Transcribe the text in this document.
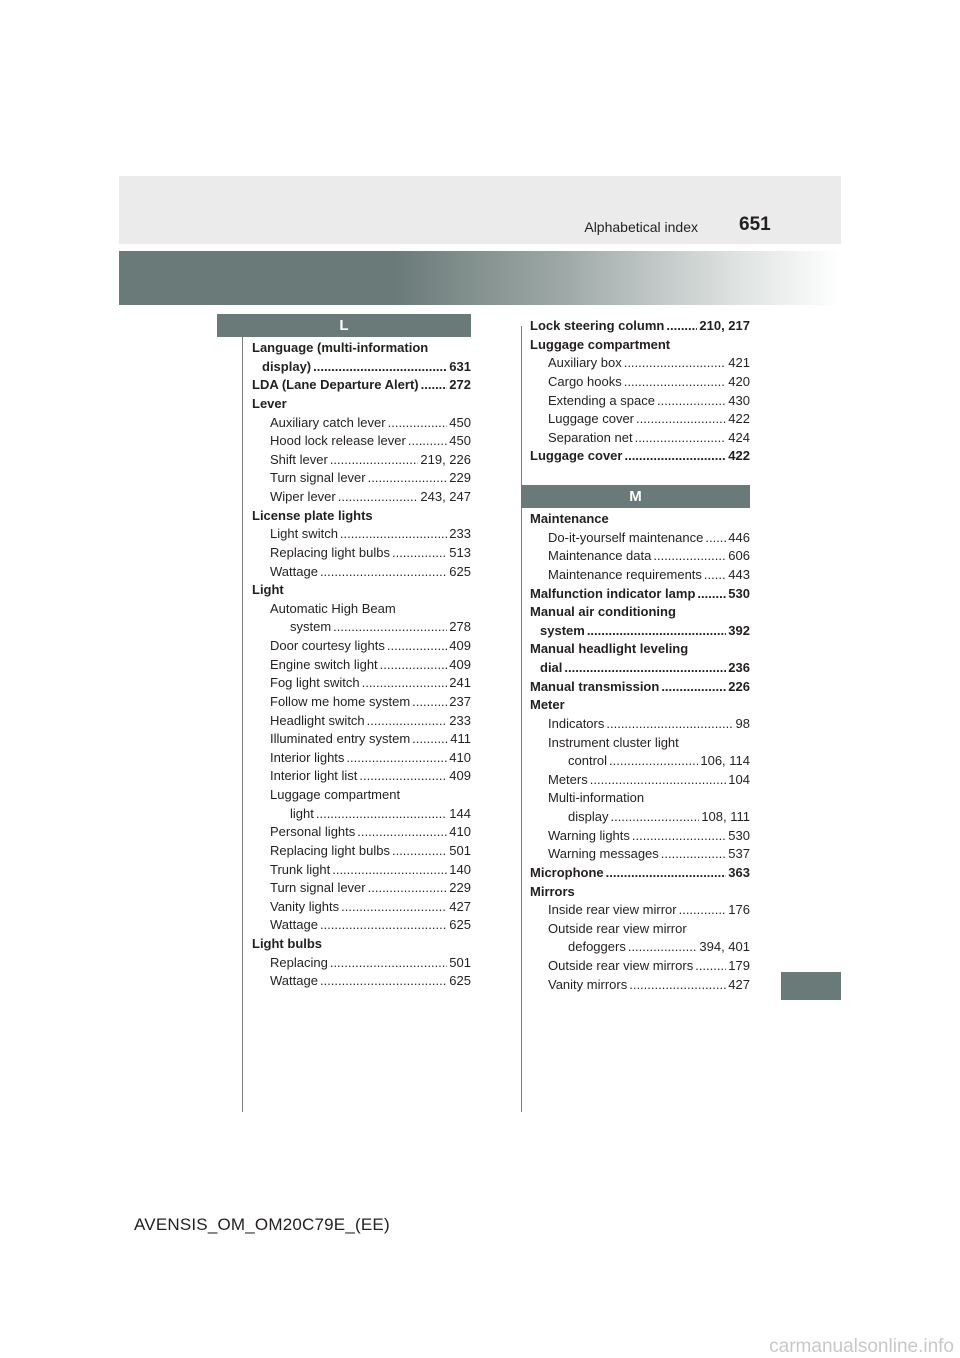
Alphabetical index 651
L
Language (multi-information
display) .....	631
LDA (Lane Departure Alert) ..... 272
Lever
Auxiliary catch lever .....	450
Hood lock release lever .....	450
Shift lever .....	219, 226
Turn signal lever .....	229
Wiper lever .....	243, 247
License plate lights
Light switch .....	233
Replacing light bulbs .....	513
Wattage .....	625
Light
Automatic High Beam
system .....	278
Door courtesy lights .....	409
Engine switch light .....	409
Fog light switch .....	241
Follow me home system .....	237
Headlight switch .....	233
Illuminated entry system .....	411
Interior lights .....	410
Interior light list .....	409
Luggage compartment
light .....	144
Personal lights .....	410
Replacing light bulbs .....	501
Trunk light .....	140
Turn signal lever .....	229
Vanity lights .....	427
Wattage .....	625
Light bulbs
Replacing .....	501
Wattage .....	625
Lock steering column .....	210, 217
Luggage compartment
Auxiliary box .....	421
Cargo hooks .....	420
Extending a space .....	430
Luggage cover .....	422
Separation net .....	424
Luggage cover .....	422
M
Maintenance
Do-it-yourself maintenance ..... 446
Maintenance data .....	606
Maintenance requirements ..... 443
Malfunction indicator lamp .....	530
Manual air conditioning
system .....	392
Manual headlight leveling
dial .....	236
Manual transmission .....	226
Meter
Indicators .....	98
Instrument cluster light
control .....	106, 114
Meters .....	104
Multi-information
display .....	108, 111
Warning lights .....	530
Warning messages .....	537
Microphone .....	363
Mirrors
Inside rear view mirror .....	176
Outside rear view mirror
defoggers .....	394, 401
Outside rear view mirrors .....	179
Vanity mirrors .....	427
AVENSIS_OM_OM20C79E_(EE)
carmanualsonline.info
